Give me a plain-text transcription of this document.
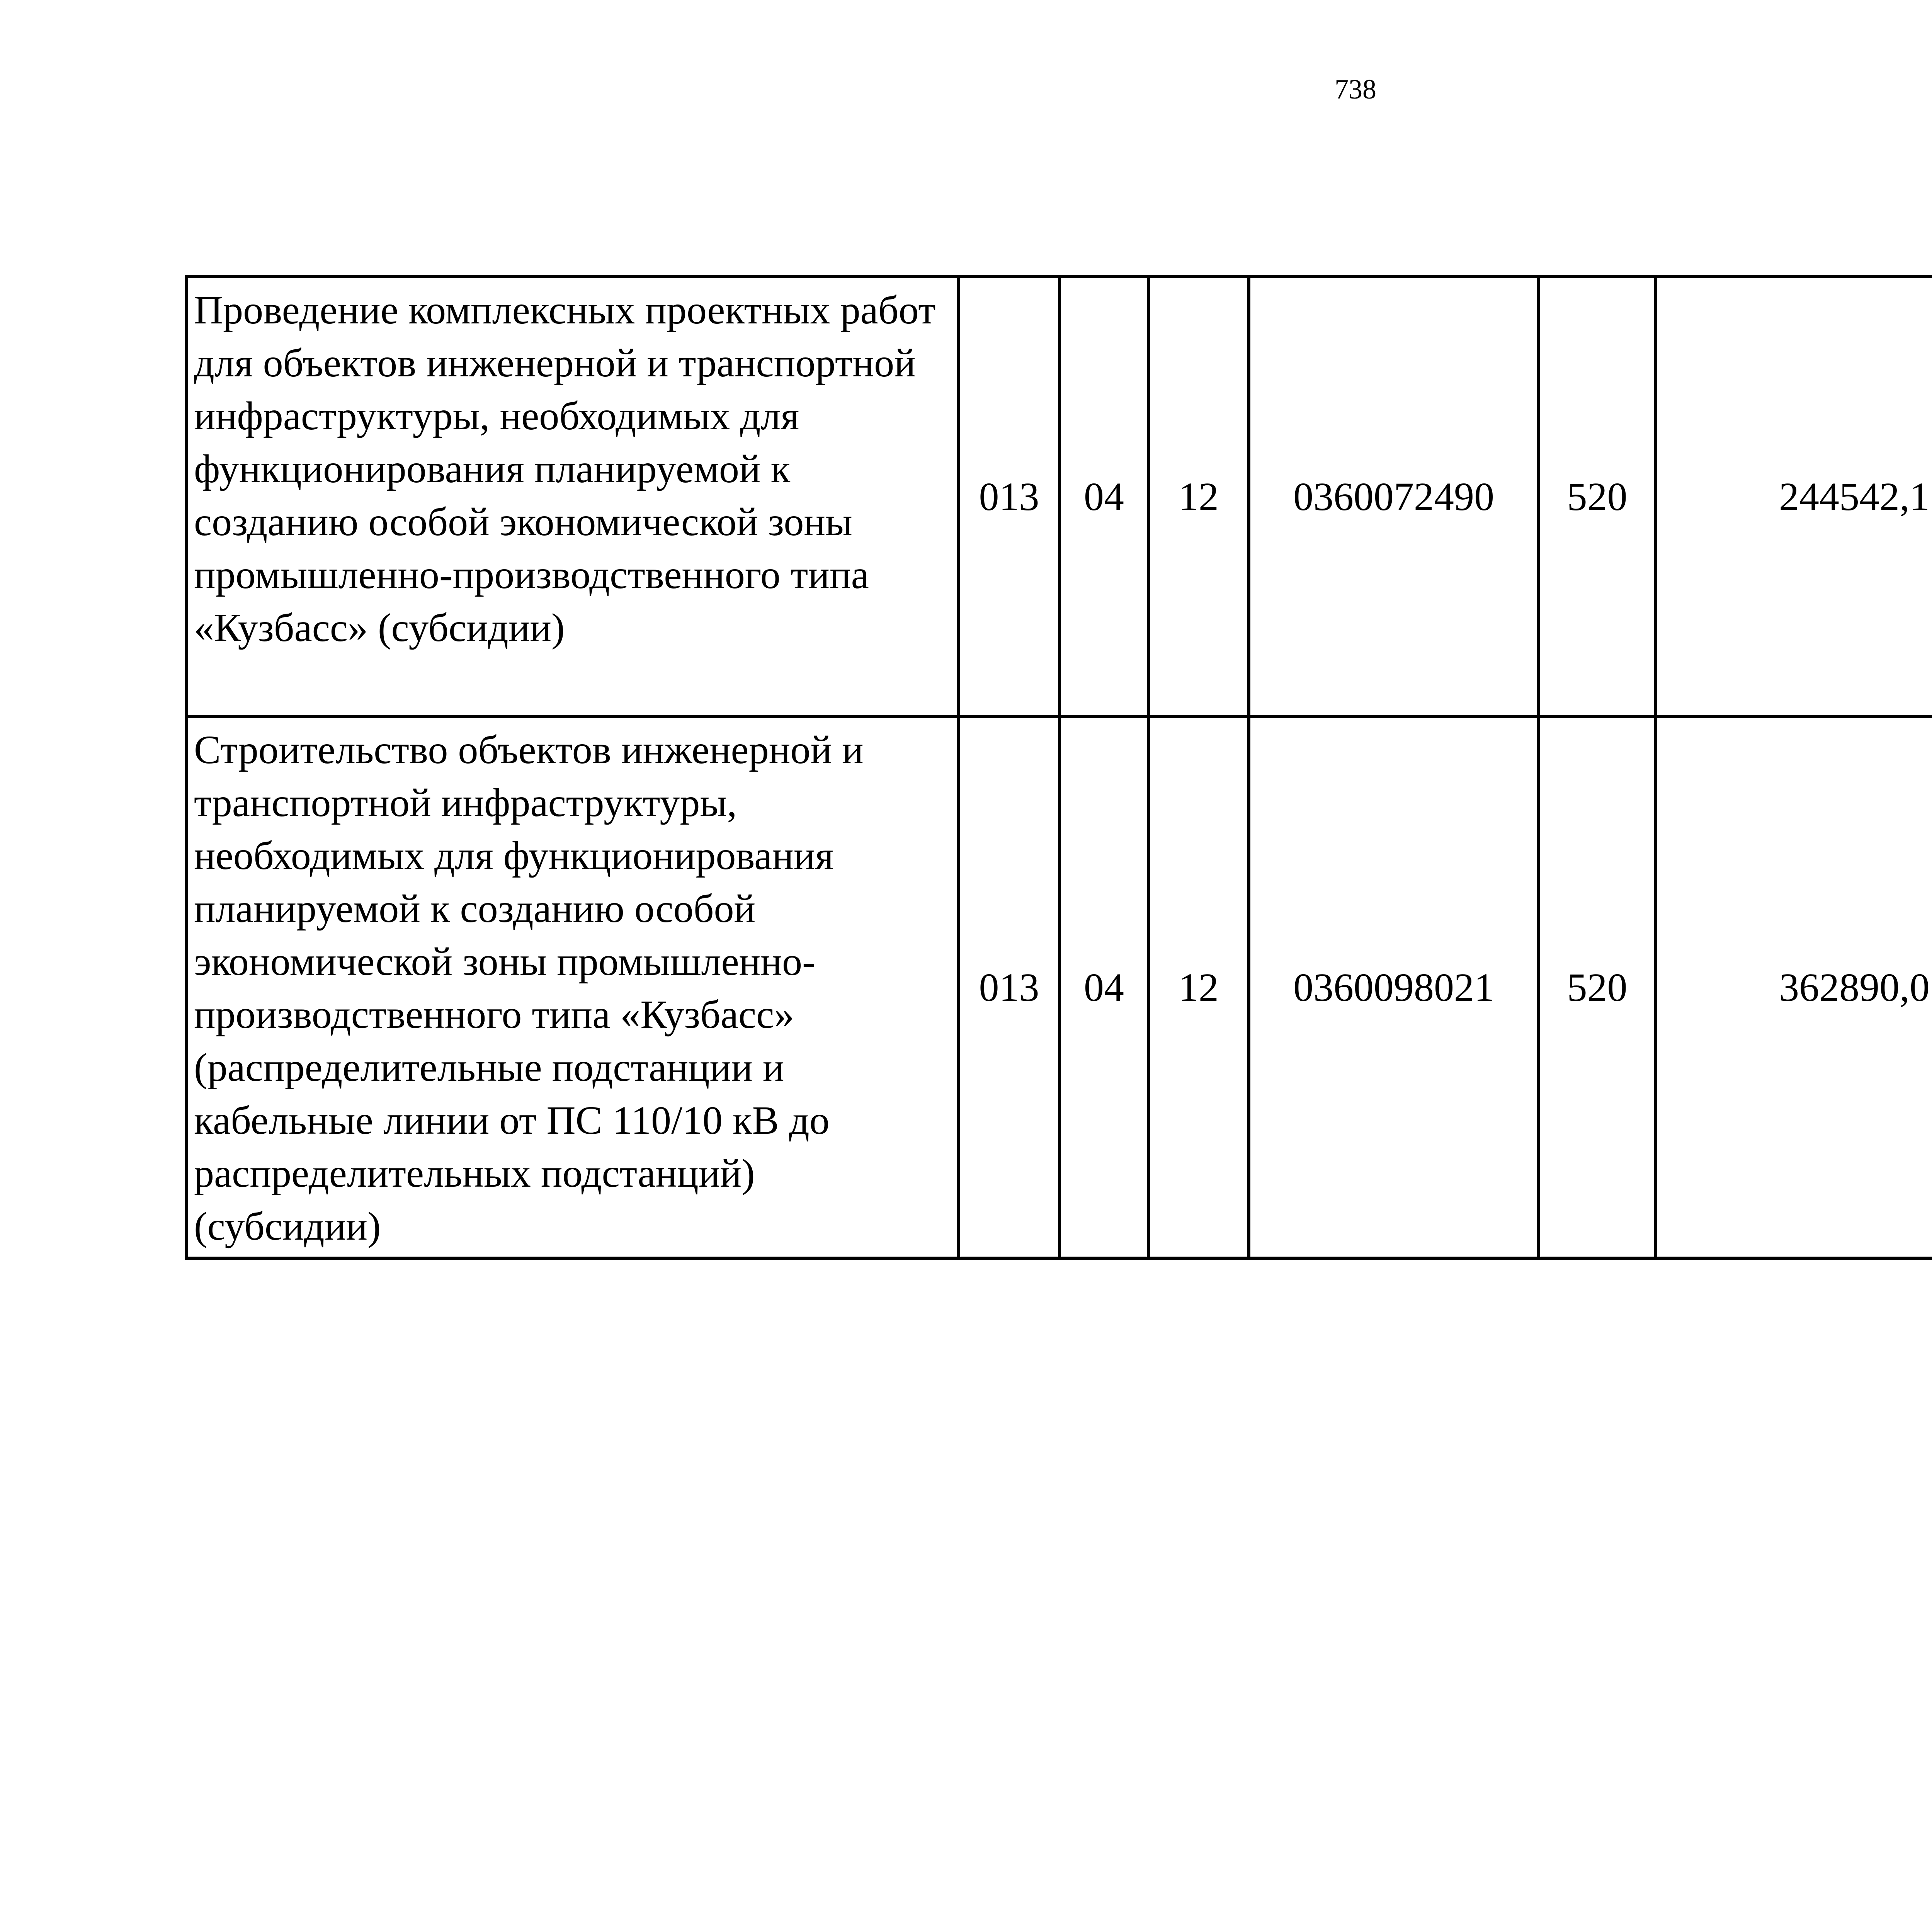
738
Проведение комплексных проектных работ для объектов инженерной и транспортной инфраструктуры, необходимых для функционирования планируемой к созданию особой экономической зоны промышленно-производственного типа «Кузбасс» (субсидии)	013	04	12	0360072490	520	244542,1		
Строительство объектов инженерной и транспортной инфраструктуры, необходимых для функционирования планируемой к созданию особой экономической зоны промышленно-производственного типа «Кузбасс» (распределительные подстанции и кабельные линии от ПС 110/10 кВ до распределительных подстанций) (субсидии)	013	04	12	0360098021	520	362890,0		
